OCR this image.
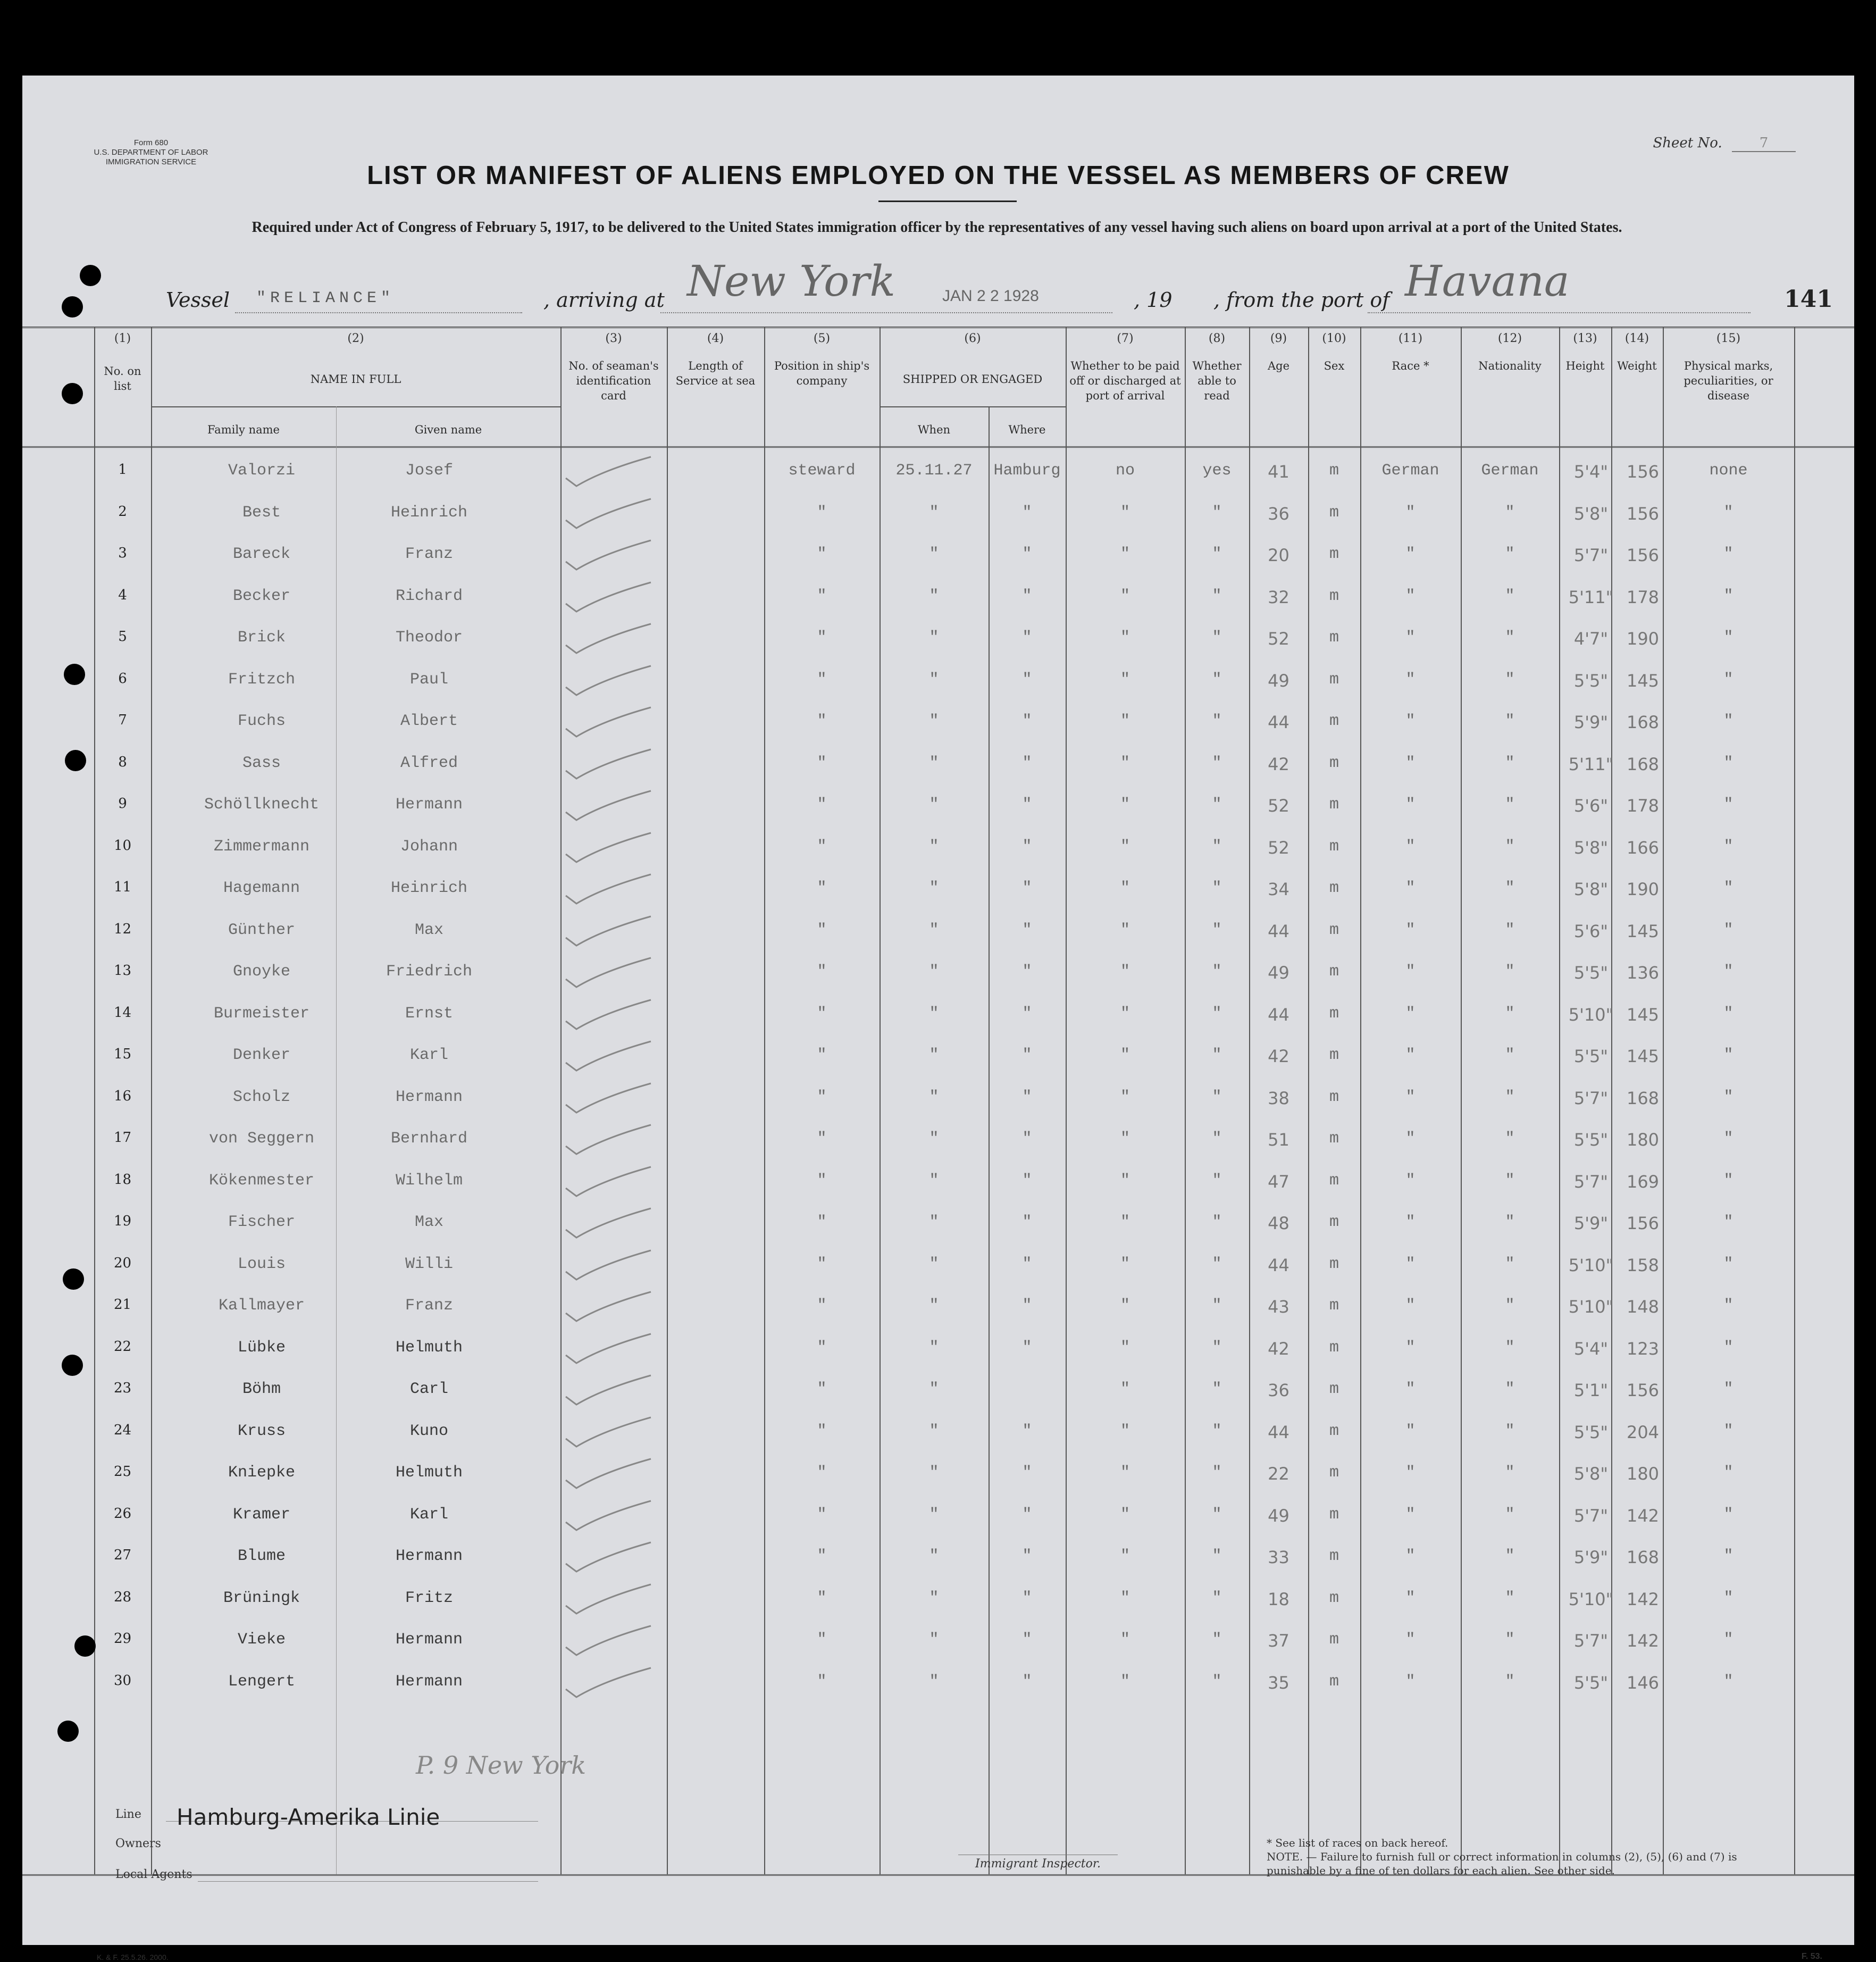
Form 680
U.S. DEPARTMENT OF LABOR
IMMIGRATION SERVICE
Sheet No.	7
LIST OR MANIFEST OF ALIENS EMPLOYED ON THE VESSEL AS MEMBERS OF CREW
Required under Act of Congress of February 5, 1917, to be delivered to the United States immigration officer by the representatives of any vessel having such aliens on board upon arrival at a port of the United States.
Vessel "RELIANCE"	, arriving at New York	JAN 2 2 1928	, 19 , from the port of Havana	141
NAME IN FULL
Family name	Given name
SHIPPED OR ENGAGED
When	Where
(1)
No. on list
(2)	(3)
No. of seaman's identification card
(4)
Length of Service at sea
(5)
Position in ship's company
(6)	(7)
Whether to be paid off or discharged at port of arrival
(8)
Whether able to read
(9)
Age
(10)
Sex
(11)
Race *
(12)
Nationality
(13)
Height
(14)
Weight
(15)
Physical marks, peculiarities, or disease
1	Valorzi	Josef	steward	25.11.27	Hamburg	no	yes	41	m	German	German	5'4"	156	none
2	Best	Heinrich	"	"	"	"	"	36	m	"	"	5'8"	156	"
3	Bareck	Franz	"	"	"	"	"	20	m	"	"	5'7"	156	"
4	Becker	Richard	"	"	"	"	"	32	m	"	"	5'11" 178	"
5	Brick	Theodor	"	"	"	"	"	52	m	"	"	4'7"	190	"
6	Fritzch	Paul	"	"	"	"	"	49	m	"	"	5'5"	145	"
7	Fuchs	Albert	"	"	"	"	"	44	m	"	"	5'9"	168	"
8	Sass	Alfred	"	"	"	"	"	42	m	"	"	5'11" 168	"
9	Schöllknecht	Hermann	"	"	"	"	"	52	m	"	"	5'6"	178	"
10	Zimmermann	Johann	"	"	"	"	"	52	m	"	"	5'8"	166	"
11	Hagemann	Heinrich	"	"	"	"	"	34	m	"	"	5'8"	190	"
12	Günther	Max	"	"	"	"	"	44	m	"	"	5'6"	145	"
13	Gnoyke	Friedrich	"	"	"	"	"	49	m	"	"	5'5"	136	"
14	Burmeister	Ernst	"	"	"	"	"	44	m	"	"	5'10" 145	"
15	Denker	Karl	"	"	"	"	"	42	m	"	"	5'5"	145	"
16	Scholz	Hermann	"	"	"	"	"	38	m	"	"	5'7"	168	"
17	von Seggern	Bernhard	"	"	"	"	"	51	m	"	"	5'5"	180	"
18	Kökenmester	Wilhelm	"	"	"	"	"	47	m	"	"	5'7"	169	"
19	Fischer	Max	"	"	"	"	"	48	m	"	"	5'9"	156	"
20	Louis	Willi	"	"	"	"	"	44	m	"	"	5'10" 158	"
21	Kallmayer	Franz	"	"	"	"	"	43	m	"	"	5'10" 148	"
22	Lübke	Helmuth	"	"	"	"	"	42	m	"	"	5'4"	123	"
23	Böhm	Carl	"	"	"	"	36	m	"	"	5'1"	156	"
24	Kruss	Kuno	"	"	"	"	"	44	m	"	"	5'5"	204	"
25	Kniepke	Helmuth	"	"	"	"	"	22	m	"	"	5'8"	180	"
26	Kramer	Karl	"	"	"	"	"	49	m	"	"	5'7"	142	"
27	Blume	Hermann	"	"	"	"	"	33	m	"	"	5'9"	168	"
28	Brüningk	Fritz	"	"	"	"	"	18	m	"	"	5'10" 142	"
29	Vieke	Hermann	"	"	"	"	"	37	m	"	"	5'7"	142	"
30	Lengert	Hermann	"	"	"	"	"	35	m	"	"	5'5"	146	"
P. 9 New York
Line
Owners
Hamburg-Amerika Linie
Local Agents
Immigrant Inspector.
* See list of races on back hereof.
NOTE. — Failure to furnish full or correct information in columns (2), (5), (6) and (7) is punishable by a fine of ten dollars for each alien. See other side.
K. & F. 25.5.26. 2000.	F. 53.
